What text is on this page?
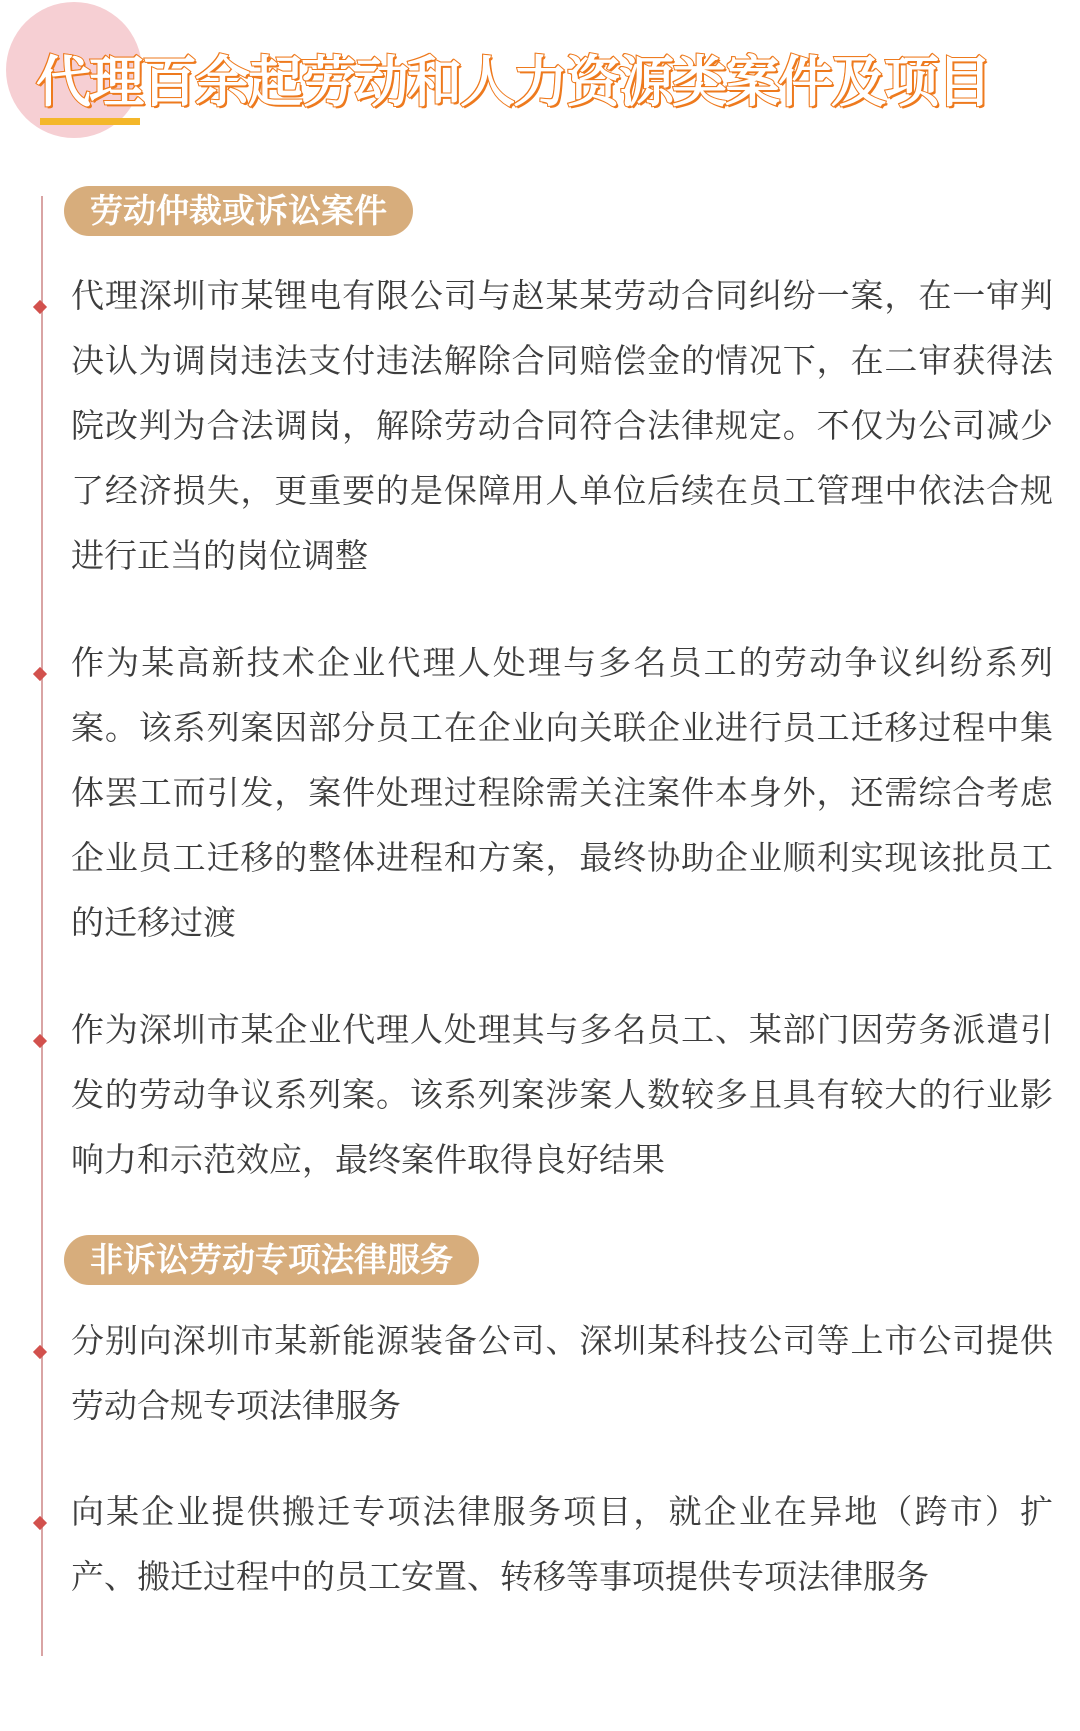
代理百余起劳动和人力资源类案件及项目
劳动仲裁或诉讼案件

代理深圳市某锂电有限公司与赵某某劳动合同纠纷一案，在一审判决认为调岗违法支付违法解除合同赔偿金的情况下，在二审获得法院改判为合法调岗，解除劳动合同符合法律规定。不仅为公司减少了经济损失，更重要的是保障用人单位后续在员工管理中依法合规进行正当的岗位调整

作为某高新技术企业代理人处理与多名员工的劳动争议纠纷系列案。该系列案因部分员工在企业向关联企业进行员工迁移过程中集体罢工而引发，案件处理过程除需关注案件本身外，还需综合考虑企业员工迁移的整体进程和方案，最终协助企业顺利实现该批员工的迁移过渡

作为深圳市某企业代理人处理其与多名员工、某部门因劳务派遣引发的劳动争议系列案。该系列案涉案人数较多且具有较大的行业影响力和示范效应，最终案件取得良好结果

非诉讼劳动专项法律服务

分别向深圳市某新能源装备公司、深圳某科技公司等上市公司提供劳动合规专项法律服务

向某企业提供搬迁专项法律服务项目，就企业在异地（跨市）扩产、搬迁过程中的员工安置、转移等事项提供专项法律服务
